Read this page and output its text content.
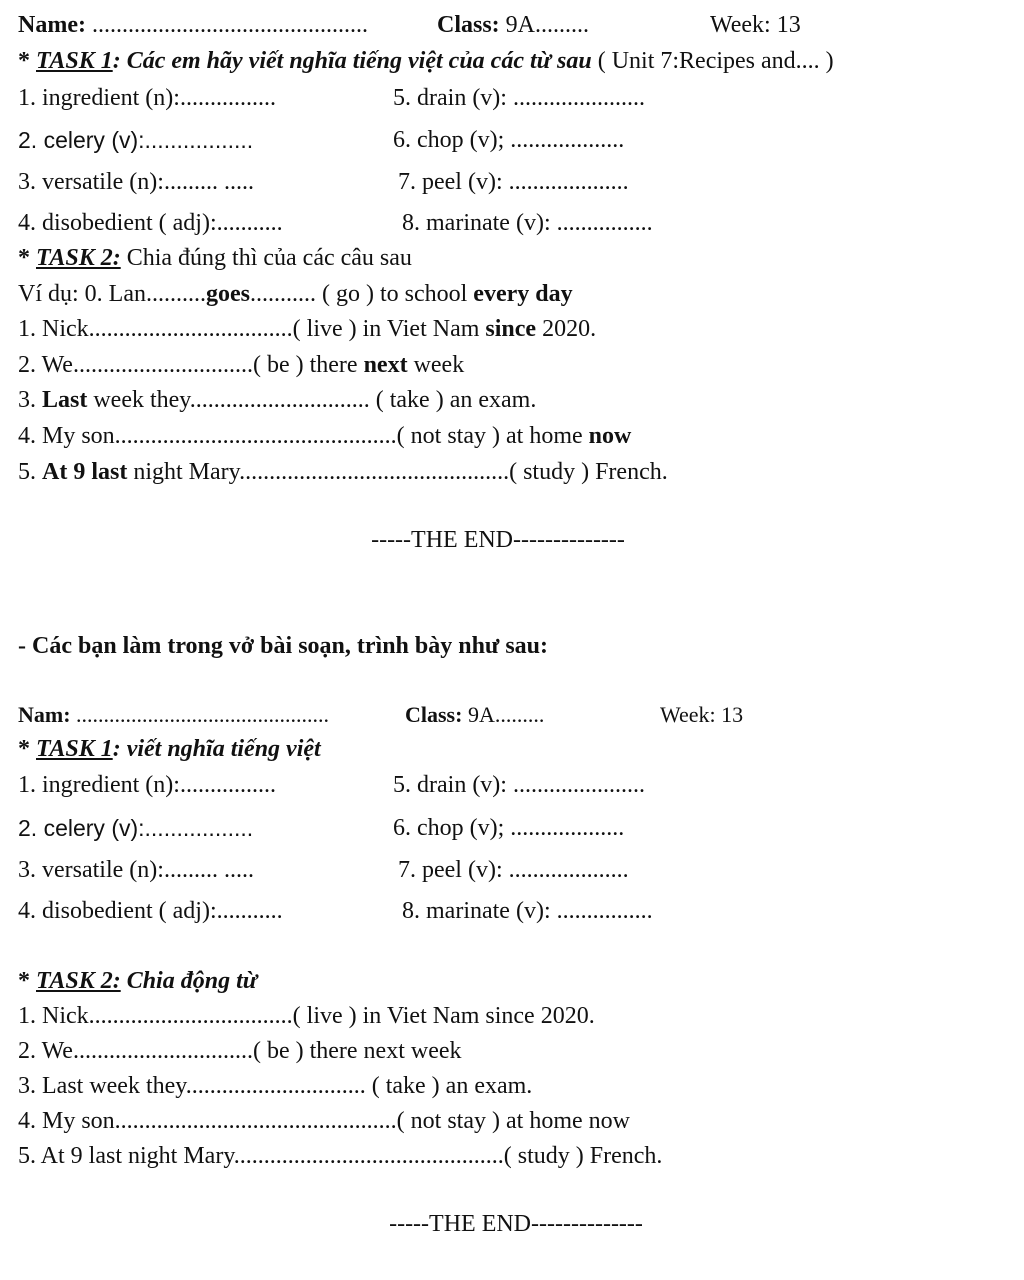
Name: ..............................................	Class: 9A.........	Week: 13
* TASK 1: Các em hãy viết nghĩa tiếng việt của các từ sau ( Unit 7:Recipes and.... )
1. ingredient (n):................
2. celery (v):.................
3. versatile (n):......... .....
4. disobedient ( adj):...........
5. drain (v): ......................
6. chop (v); ...................
7. peel (v): ....................
8. marinate (v): ................
* TASK 2: Chia đúng thì của các câu sau
Ví dụ: 0. Lan..........goes........... ( go ) to school every day
1. Nick..................................( live ) in Viet Nam since 2020.
2. We..............................( be ) there next week
3. Last week they.............................. ( take ) an exam.
4. My son...............................................( not stay ) at home now
5. At 9 last night Mary.............................................( study ) French.
-----THE END--------------
- Các bạn làm trong vở bài soạn, trình bày như sau:
Nam: ..............................................	Class: 9A.........	Week: 13
* TASK 1: viết nghĩa tiếng việt
1. ingredient (n):................
2. celery (v):.................
3. versatile (n):......... .....
4. disobedient ( adj):...........
5. drain (v): ......................
6. chop (v); ...................
7. peel (v): ....................
8. marinate (v): ................
* TASK 2: Chia động từ
1. Nick..................................( live ) in Viet Nam since 2020.
2. We..............................( be ) there next week
3. Last week they.............................. ( take ) an exam.
4. My son...............................................( not stay ) at home now
5. At 9 last night Mary.............................................( study ) French.
-----THE END--------------
